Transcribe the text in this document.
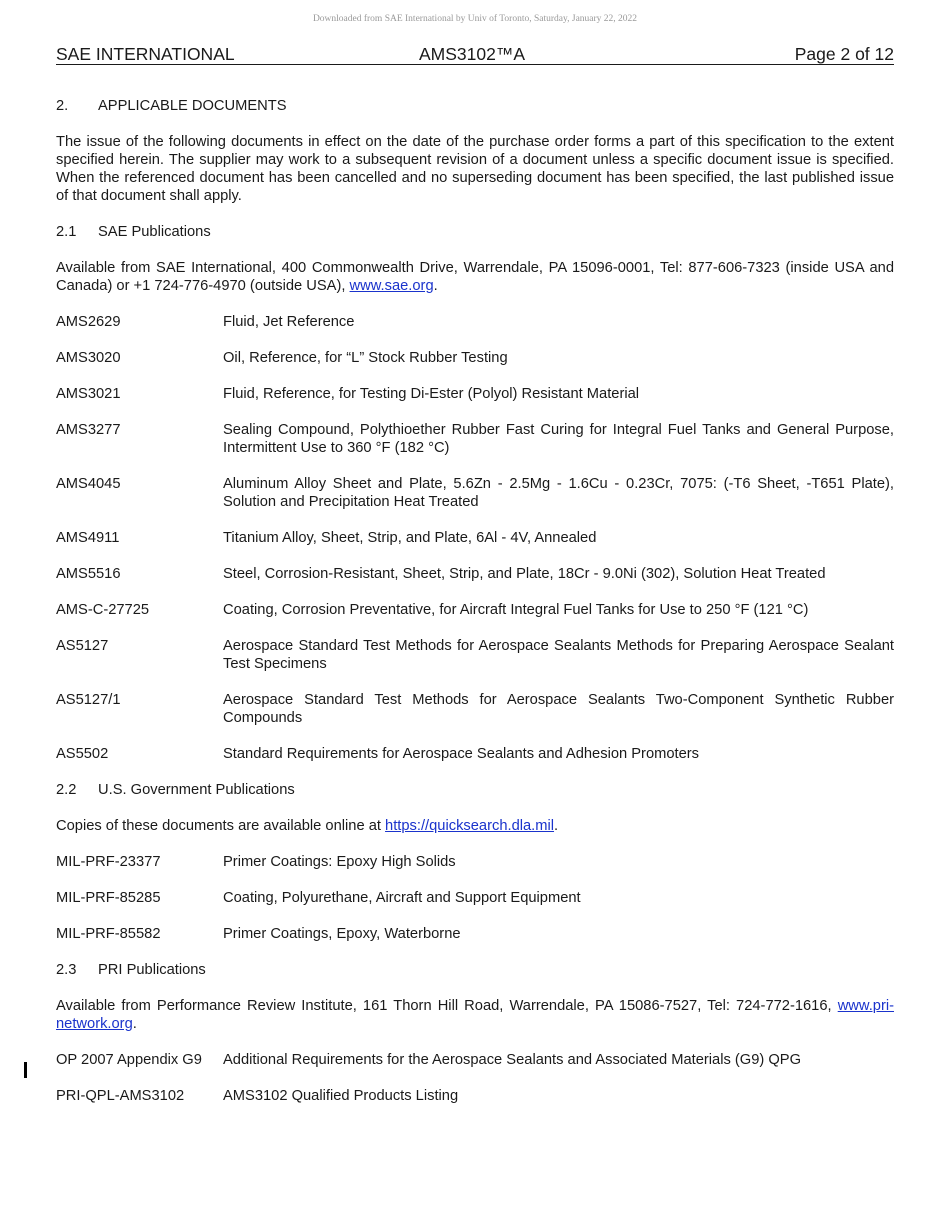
Downloaded from SAE International by Univ of Toronto, Saturday, January 22, 2022
SAE INTERNATIONAL	AMS3102™A	Page 2 of 12

2. APPLICABLE DOCUMENTS

The issue of the following documents in effect on the date of the purchase order forms a part of this specification to the extent specified herein. The supplier may work to a subsequent revision of a document unless a specific document issue is specified. When the referenced document has been cancelled and no superseding document has been specified, the last published issue of that document shall apply.

2.1 SAE Publications

Available from SAE International, 400 Commonwealth Drive, Warrendale, PA 15096-0001, Tel: 877-606-7323 (inside USA and Canada) or +1 724-776-4970 (outside USA), www.sae.org.

AMS2629	Fluid, Jet Reference
AMS3020	Oil, Reference, for “L” Stock Rubber Testing
AMS3021	Fluid, Reference, for Testing Di-Ester (Polyol) Resistant Material
AMS3277	Sealing Compound, Polythioether Rubber Fast Curing for Integral Fuel Tanks and General Purpose, Intermittent Use to 360 °F (182 °C)
AMS4045	Aluminum Alloy Sheet and Plate, 5.6Zn - 2.5Mg - 1.6Cu - 0.23Cr, 7075: (-T6 Sheet, -T651 Plate), Solution and Precipitation Heat Treated
AMS4911	Titanium Alloy, Sheet, Strip, and Plate, 6Al - 4V, Annealed
AMS5516	Steel, Corrosion-Resistant, Sheet, Strip, and Plate, 18Cr - 9.0Ni (302), Solution Heat Treated
AMS-C-27725	Coating, Corrosion Preventative, for Aircraft Integral Fuel Tanks for Use to 250 °F (121 °C)
AS5127	Aerospace Standard Test Methods for Aerospace Sealants Methods for Preparing Aerospace Sealant Test Specimens
AS5127/1	Aerospace Standard Test Methods for Aerospace Sealants Two-Component Synthetic Rubber Compounds
AS5502	Standard Requirements for Aerospace Sealants and Adhesion Promoters

2.2 U.S. Government Publications

Copies of these documents are available online at https://quicksearch.dla.mil.

MIL-PRF-23377	Primer Coatings: Epoxy High Solids
MIL-PRF-85285	Coating, Polyurethane, Aircraft and Support Equipment
MIL-PRF-85582	Primer Coatings, Epoxy, Waterborne

2.3 PRI Publications

Available from Performance Review Institute, 161 Thorn Hill Road, Warrendale, PA 15086-7527, Tel: 724-772-1616, www.pri-network.org.

OP 2007 Appendix G9	Additional Requirements for the Aerospace Sealants and Associated Materials (G9) QPG
PRI-QPL-AMS3102	AMS3102 Qualified Products Listing
